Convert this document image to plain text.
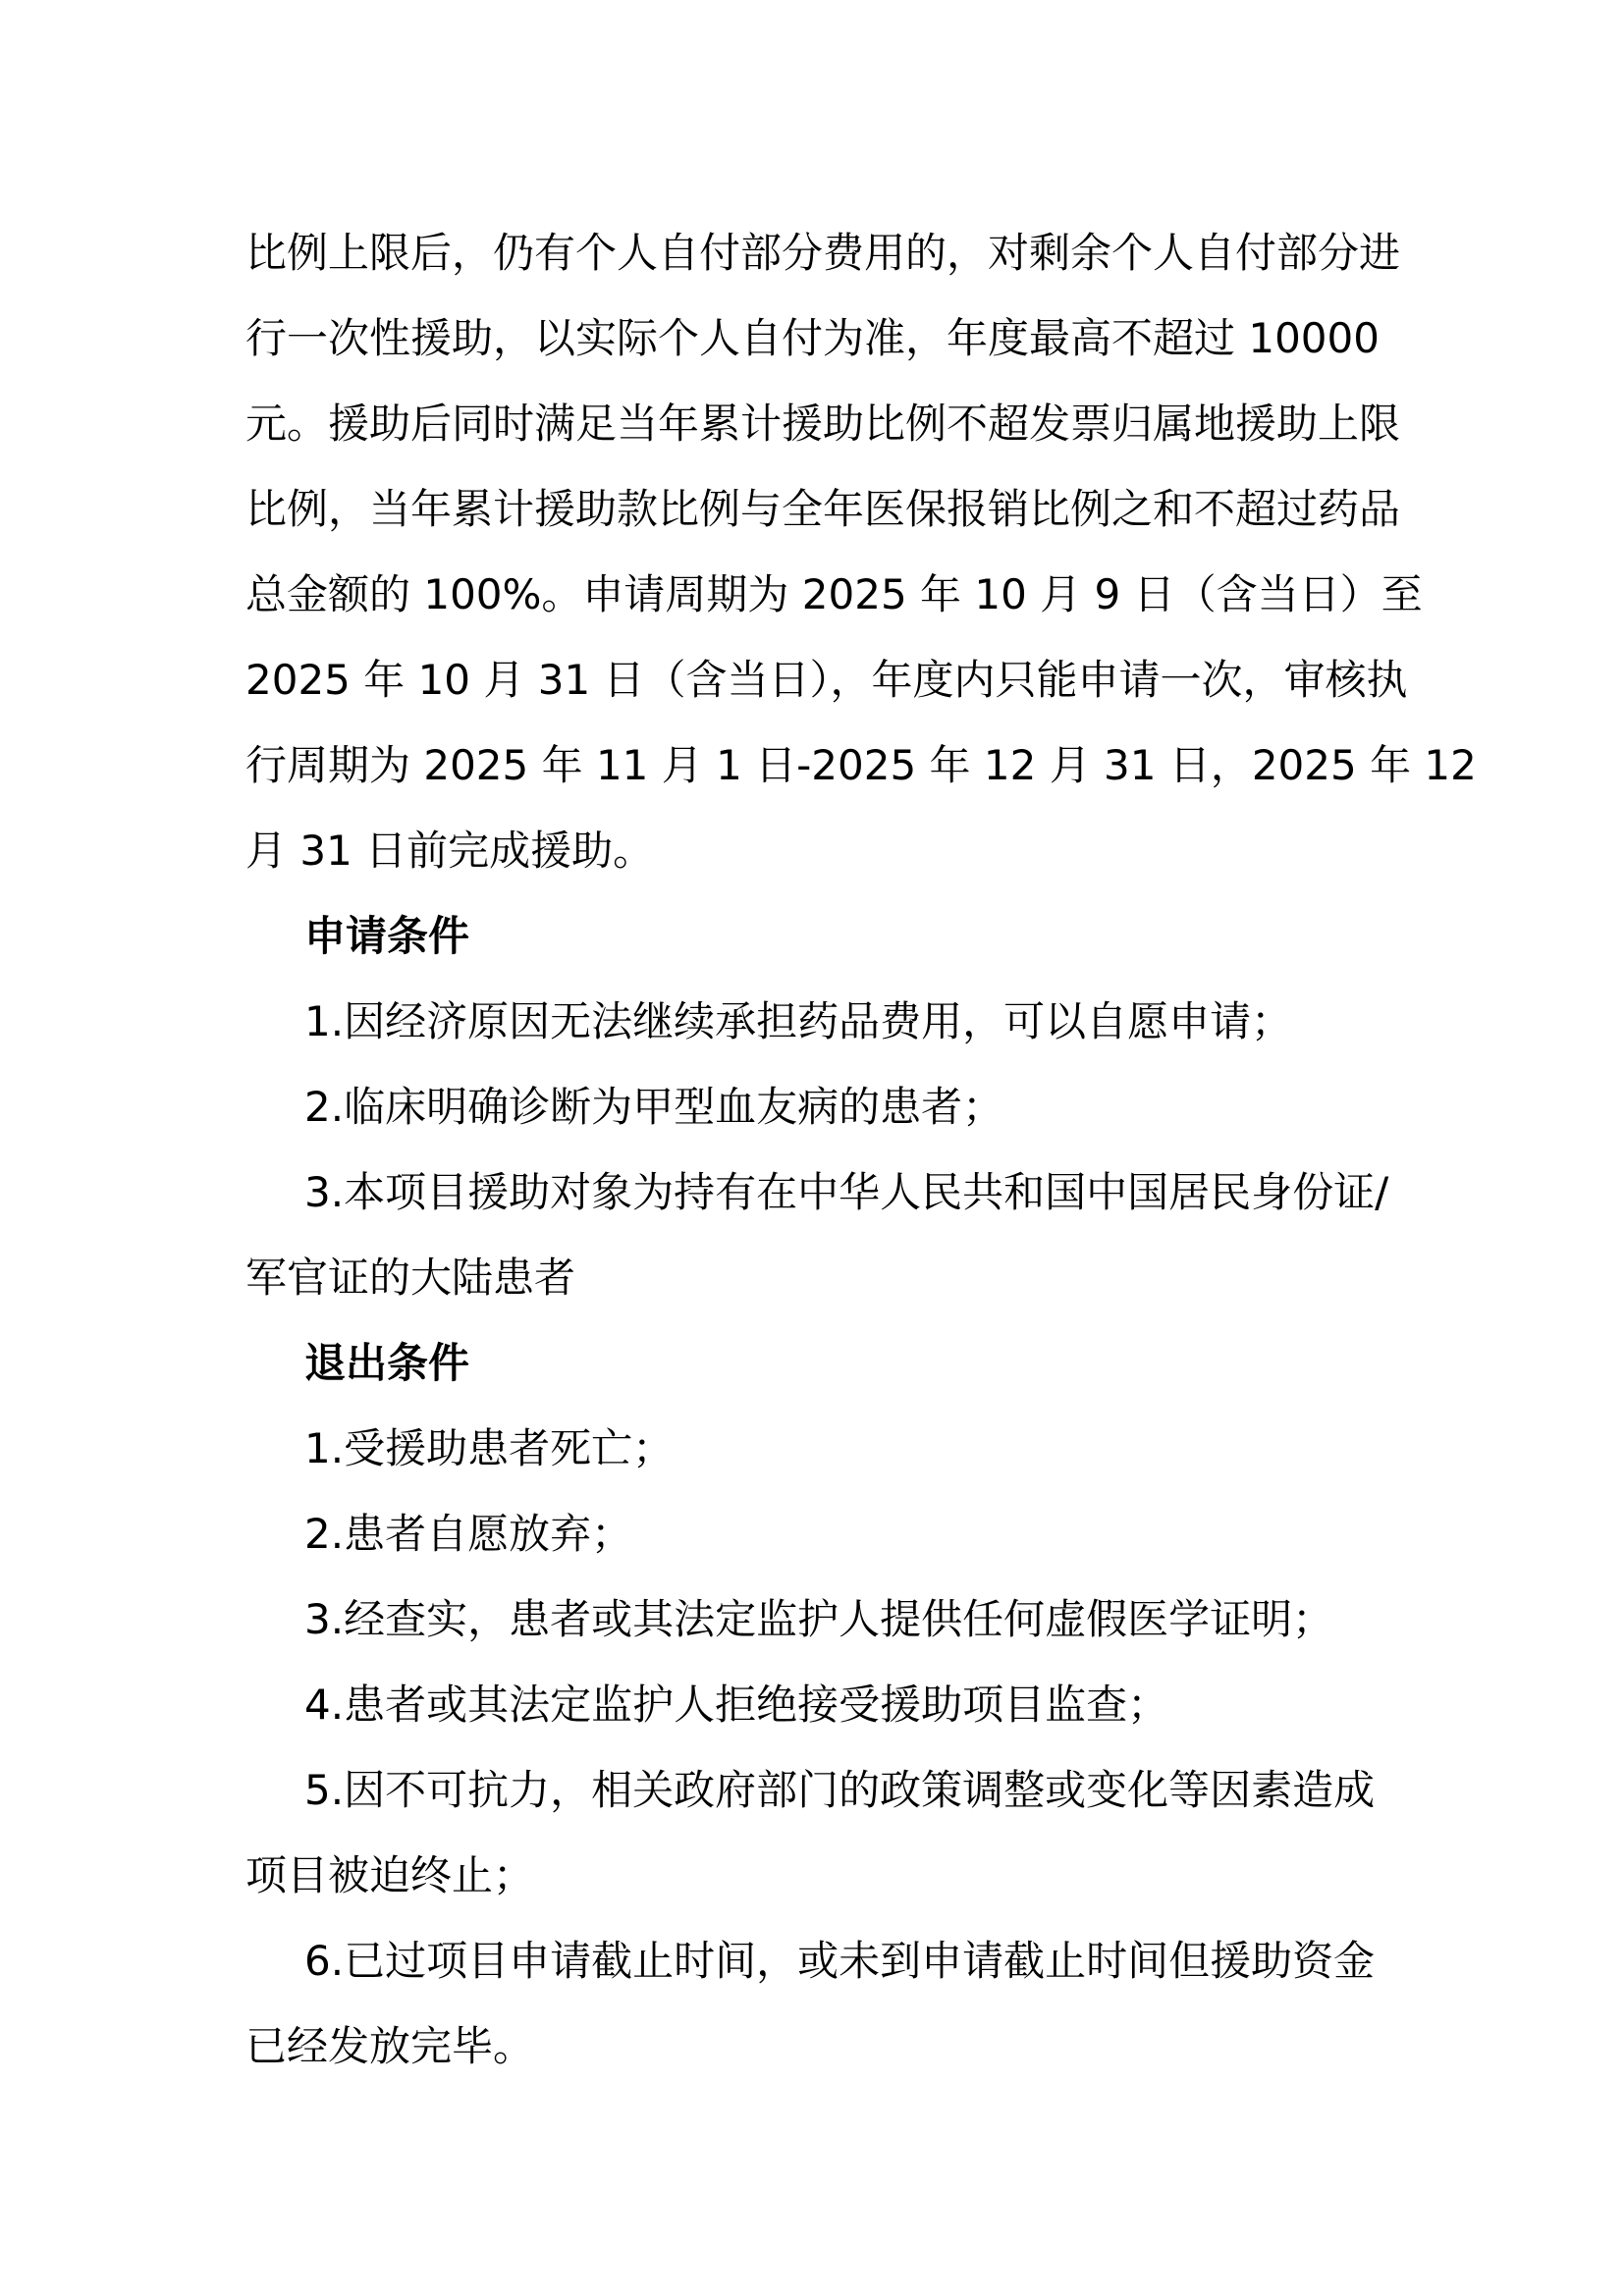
比例上限后，仍有个人自付部分费用的，对剩余个人自付部分进
行一次性援助，以实际个人自付为准，年度最高不超过 10000
元。援助后同时满足当年累计援助比例不超发票归属地援助上限
比例，当年累计援助款比例与全年医保报销比例之和不超过药品
总金额的 100%。申请周期为 2025 年 10 月 9 日（含当日）至
2025 年 10 月 31 日（含当日），年度内只能申请一次，审核执
行周期为 2025 年 11 月 1 日-2025 年 12 月 31 日，2025 年 12
月 31 日前完成援助。
申请条件
1.因经济原因无法继续承担药品费用，可以自愿申请；
2.临床明确诊断为甲型血友病的患者；
3.本项目援助对象为持有在中华人民共和国中国居民身份证/
军官证的大陆患者
退出条件
1.受援助患者死亡；
2.患者自愿放弃；
3.经查实，患者或其法定监护人提供任何虚假医学证明；
4.患者或其法定监护人拒绝接受援助项目监查；
5.因不可抗力，相关政府部门的政策调整或变化等因素造成
项目被迫终止；
6.已过项目申请截止时间，或未到申请截止时间但援助资金
已经发放完毕。
